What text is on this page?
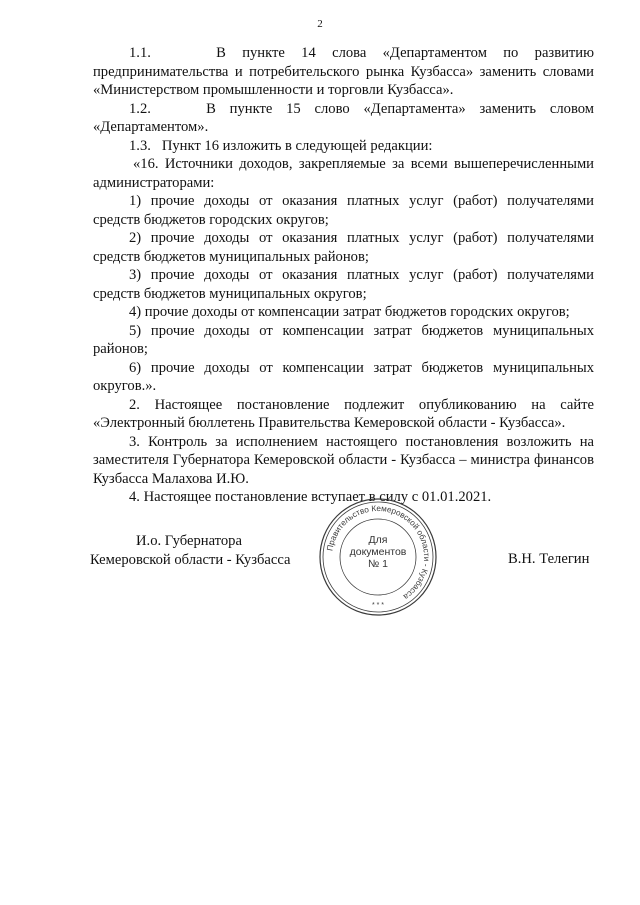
2

1.1.    В пункте 14 слова «Департаментом по развитию предпринимательства и потребительского рынка Кузбасса» заменить словами «Министерством промышленности и торговли Кузбасса».

1.2.    В пункте 15 слово «Департамента» заменить словом «Департаментом».

1.3.   Пункт 16 изложить в следующей редакции:

«16. Источники доходов, закрепляемые за всеми вышеперечисленными администраторами:

1) прочие доходы от оказания платных услуг (работ) получателями средств бюджетов городских округов;

2) прочие доходы от оказания платных услуг (работ) получателями средств бюджетов муниципальных районов;

3) прочие доходы от оказания платных услуг (работ) получателями средств бюджетов муниципальных округов;

4) прочие доходы от компенсации затрат бюджетов городских округов;

5) прочие доходы от компенсации затрат бюджетов муниципальных районов;

6) прочие доходы от компенсации затрат бюджетов муниципальных округов.».

2. Настоящее постановление подлежит опубликованию на сайте «Электронный бюллетень Правительства Кемеровской области - Кузбасса».

3. Контроль за исполнением настоящего постановления возложить на заместителя Губернатора Кемеровской области - Кузбасса – министра финансов Кузбасса Малахова И.Ю.

4. Настоящее постановление вступает в силу с 01.01.2021.

И.о. Губернатора
Кемеровской области - Кузбасса
Правительство Кемеровской области - Кузбасса
* * *
Для
документов
№ 1	В.Н. Телегин
